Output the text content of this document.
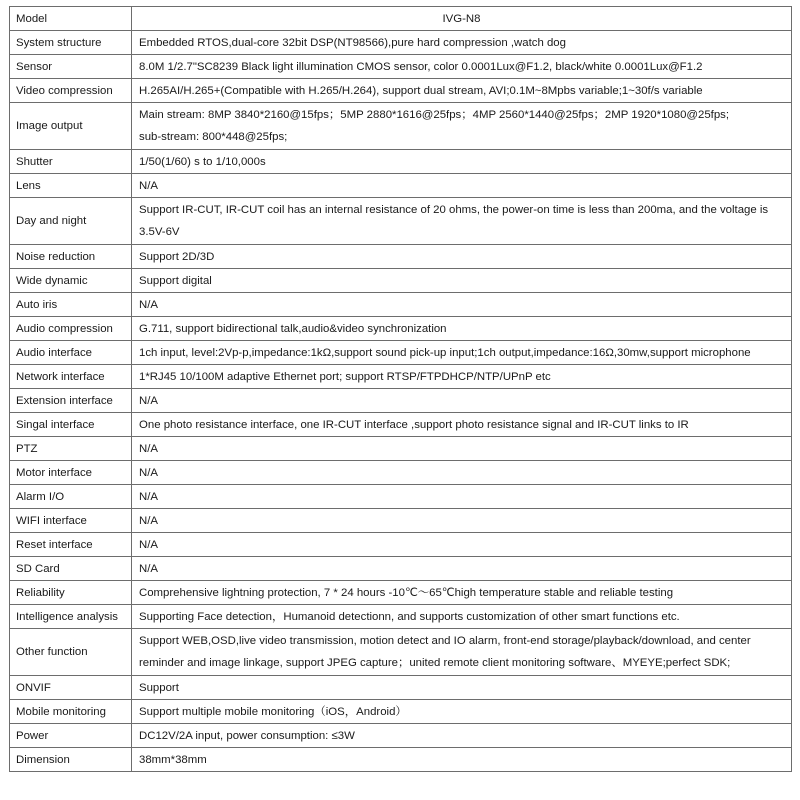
Model	IVG-N8
System structure	Embedded RTOS,dual-core 32bit DSP(NT98566),pure hard compression ,watch dog

Sensor	8.0M 1/2.7"SC8239 Black light illumination CMOS sensor, color 0.0001Lux@F1.2, black/white 0.0001Lux@F1.2

Video compression	H.265AI/H.265+(Compatible with H.265/H.264), support dual stream, AVI;0.1M~8Mpbs variable;1~30f/s variable

Image output	Main stream: 8MP 3840*2160@15fps；5MP 2880*1616@25fps；4MP 2560*1440@25fps；2MP 1920*1080@25fps;
sub-stream: 800*448@25fps;

Shutter	1/50(1/60) s to 1/10,000s

Lens	N/A

Day and night	Support IR-CUT, IR-CUT coil has an internal resistance of 20 ohms, the power-on time is less than 200ma, and the voltage is
3.5V-6V

Noise reduction	Support 2D/3D

Wide dynamic	Support digital

Auto iris	N/A

Audio compression	G.711, support bidirectional talk,audio&video synchronization

Audio interface	1ch input, level:2Vp-p,impedance:1kΩ,support sound pick-up input;1ch output,impedance:16Ω,30mw,support microphone

Network interface	1*RJ45 10/100M adaptive Ethernet port; support RTSP/FTPDHCP/NTP/UPnP etc

Extension interface	N/A

Singal interface	One photo resistance interface, one IR-CUT interface ,support photo resistance signal and IR-CUT links to IR

PTZ	N/A

Motor interface	N/A

Alarm I/O	N/A

WIFI interface	N/A

Reset interface	N/A

SD Card	N/A

Reliability	Comprehensive lightning protection, 7 * 24 hours -10℃～65℃high temperature stable and reliable testing

Intelligence analysis	Supporting Face detection，Humanoid detectionn, and supports customization of other smart functions etc.

Other function	Support WEB,OSD,live video transmission, motion detect and IO alarm, front-end storage/playback/download, and center
reminder and image linkage, support JPEG capture；united remote client monitoring software、MYEYE;perfect SDK;

ONVIF	Support

Mobile monitoring	Support multiple mobile monitoring（iOS，Android）

Power	DC12V/2A input, power consumption: ≤3W

Dimension	38mm*38mm
